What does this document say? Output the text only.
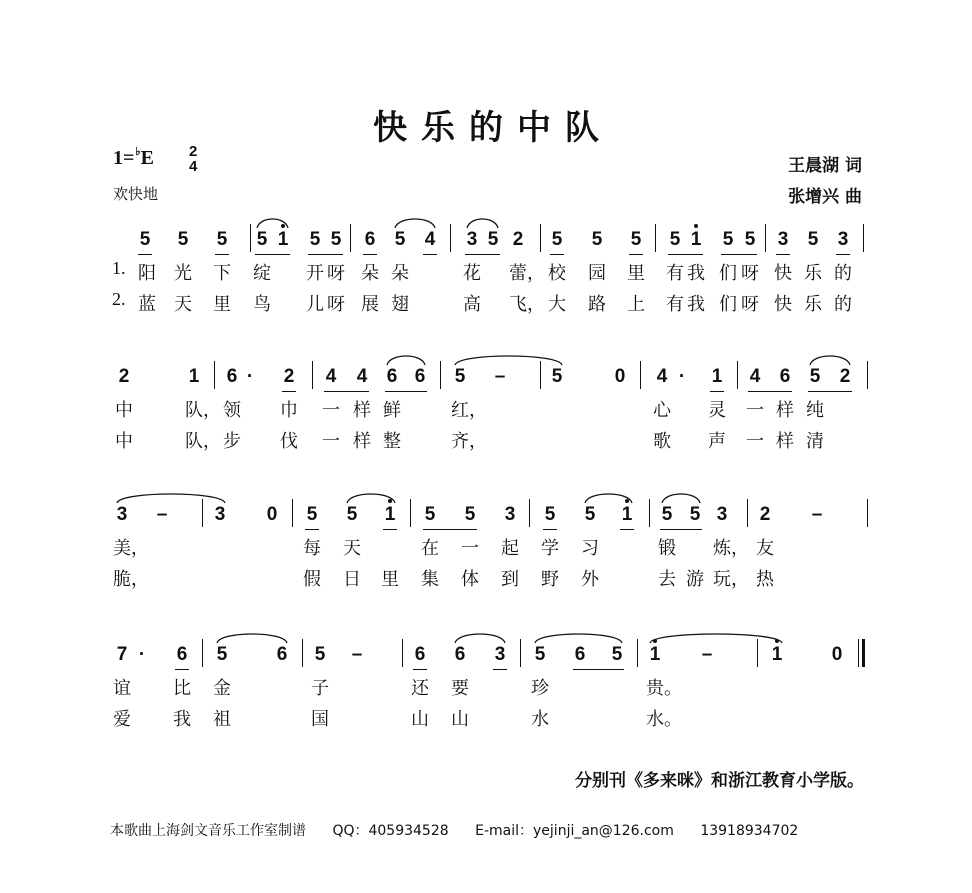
快乐的中队
1=♭E 2
4
欢快地
王晨湖 词
张增兴 曲
5 5 5 5 1 5 5 6 5 4 3 5 2 5 5 5 5 1 5 5 3 5 3
1. 阳 光 下 绽 开 呀 朵 朵	花 蕾， 校 园 里 有 我 们 呀 快 乐 的
2. 蓝 天 里 鸟 儿 呀 展 翅	高 飞， 大 路 上 有 我 们 呀 快 乐 的
2	1 6 ·	2 4 4 6 6 5 – 5	0 4 ·	1 4 6 5 2
中	队， 领 巾 一 样 鲜	红，	心 灵 一 样 纯
中	队， 步 伐 一 样 整	齐，	歌 声 一 样 清
3 – 3 0 5 5 1 5 5 3 5 5 1 5 5 3 2 –
美，	每 天	在 一 起 学 习	锻 炼， 友
脆，	假 日 里 集 体 到 野 外	去 游 玩， 热
7 ·	6 5	6 5 –	6 6 3 5 6 5 1 –	1	0
谊 比 金	子	还 要	珍	贵。
爱 我 祖	国	山 山	水	水。
分别刊《多来咪》和浙江教育小学版。
本歌曲上海剑文音乐工作室制谱 QQ：405934528 E-mail：yejinji_an@126.com 13918934702
